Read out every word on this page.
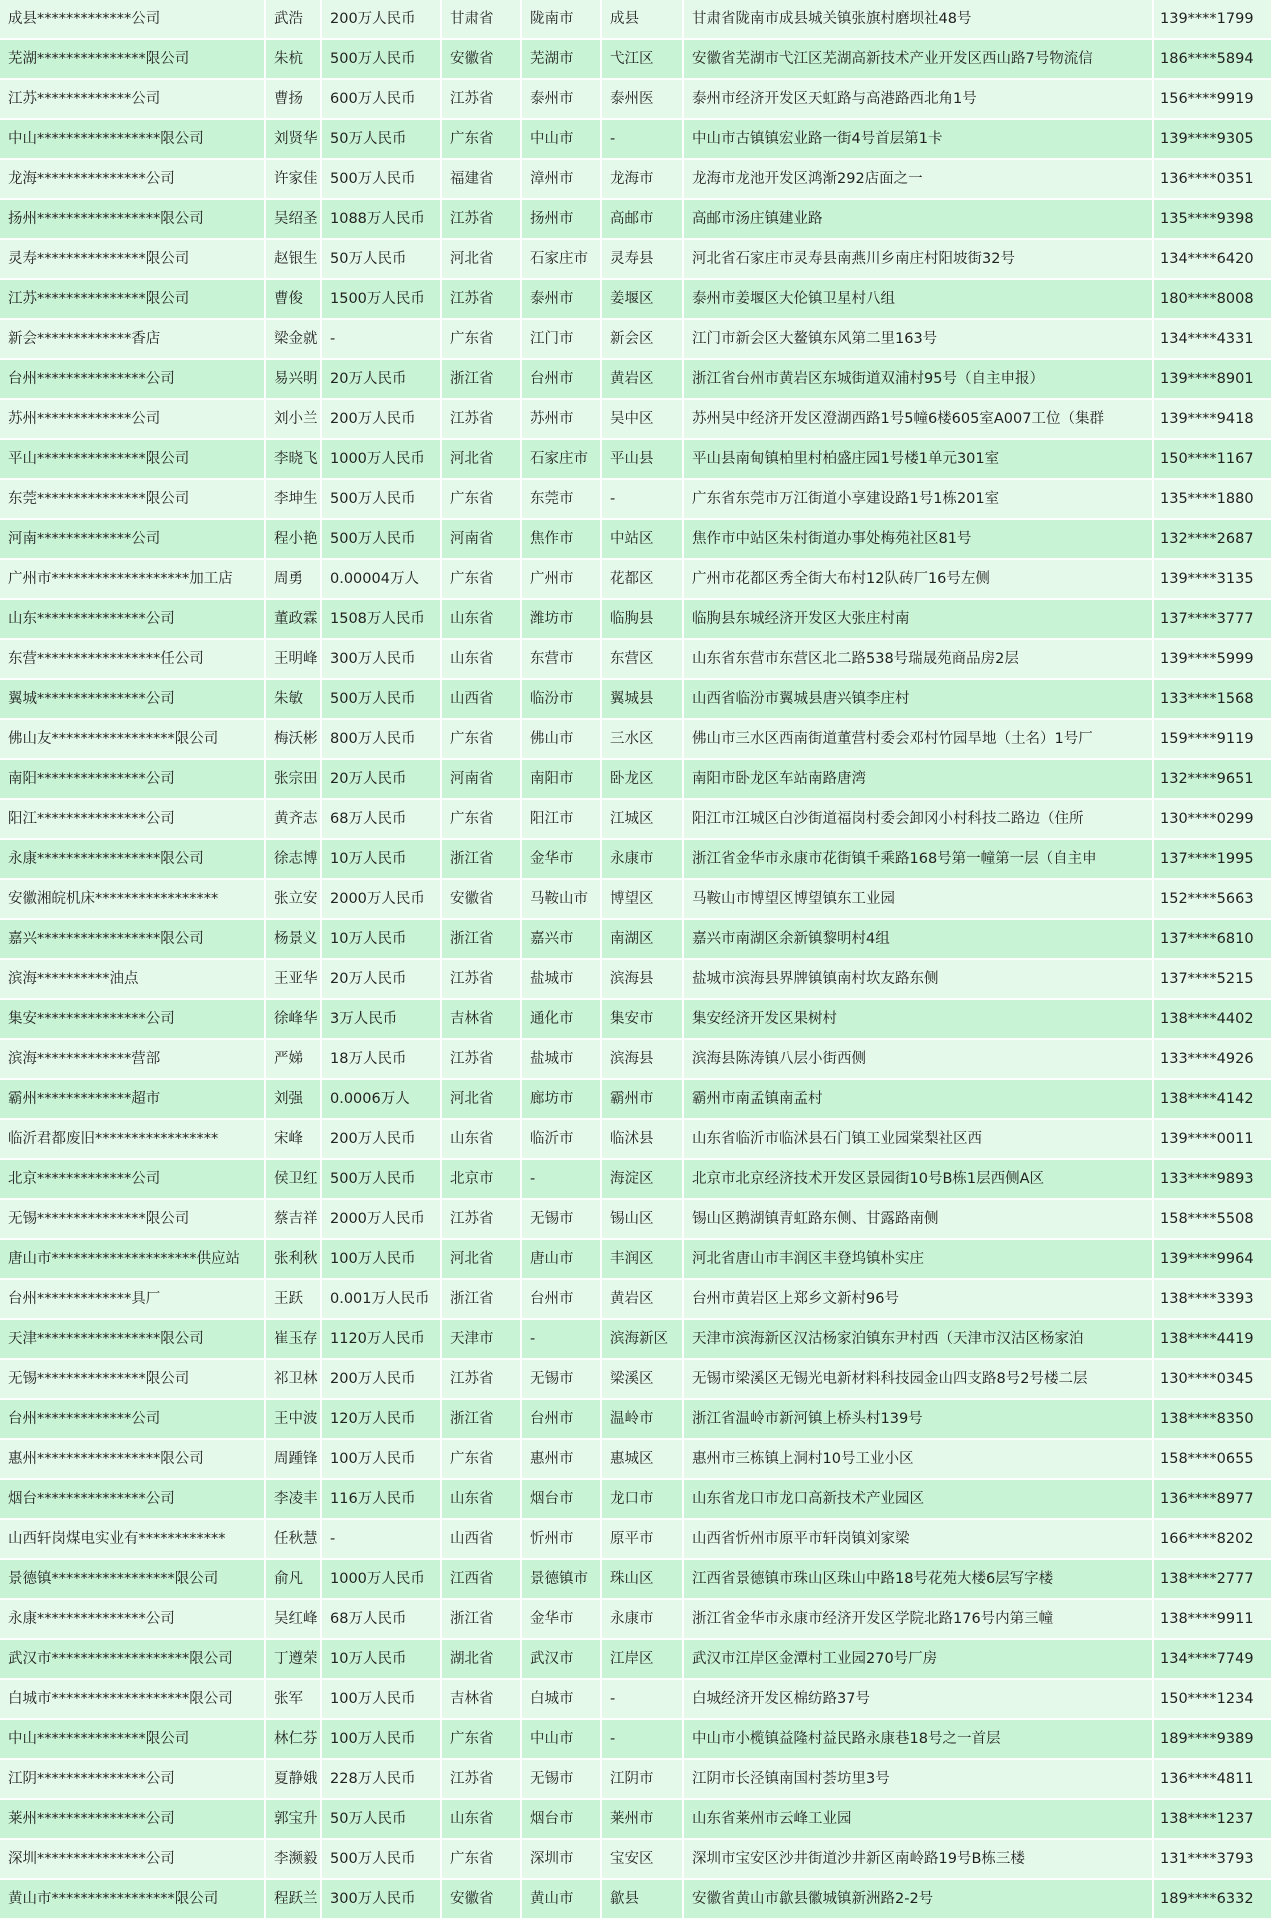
成县*************公司	武浩	200万人民币	甘肃省	陇南市	成县	甘肃省陇南市成县城关镇张旗村磨坝社48号	139****1799
芜湖***************限公司	朱杭	500万人民币	安徽省	芜湖市	弋江区	安徽省芜湖市弋江区芜湖高新技术产业开发区西山路7号物流信	186****5894
江苏*************公司	曹扬	600万人民币	江苏省	泰州市	泰州医	泰州市经济开发区天虹路与高港路西北角1号	156****9919
中山*****************限公司	刘贤华	50万人民币	广东省	中山市	-	中山市古镇镇宏业路一街4号首层第1卡	139****9305
龙海***************公司	许家佳	500万人民币	福建省	漳州市	龙海市	龙海市龙池开发区鸿渐292店面之一	136****0351
扬州*****************限公司	吴绍圣	1088万人民币	江苏省	扬州市	高邮市	高邮市汤庄镇建业路	135****9398
灵寿***************限公司	赵银生	50万人民币	河北省	石家庄市	灵寿县	河北省石家庄市灵寿县南燕川乡南庄村阳坡街32号	134****6420
江苏***************限公司	曹俊	1500万人民币	江苏省	泰州市	姜堰区	泰州市姜堰区大伦镇卫星村八组	180****8008
新会*************香店	梁金就	-	广东省	江门市	新会区	江门市新会区大鳌镇东风第二里163号	134****4331
台州***************公司	易兴明	20万人民币	浙江省	台州市	黄岩区	浙江省台州市黄岩区东城街道双浦村95号（自主申报）	139****8901
苏州*************公司	刘小兰	200万人民币	江苏省	苏州市	吴中区	苏州吴中经济开发区澄湖西路1号5幢6楼605室A007工位（集群	139****9418
平山***************限公司	李晓飞	1000万人民币	河北省	石家庄市	平山县	平山县南甸镇柏里村柏盛庄园1号楼1单元301室	150****1167
东莞***************限公司	李坤生	500万人民币	广东省	东莞市	-	广东省东莞市万江街道小享建设路1号1栋201室	135****1880
河南*************公司	程小艳	500万人民币	河南省	焦作市	中站区	焦作市中站区朱村街道办事处梅苑社区81号	132****2687
广州市*******************加工店	周勇	0.00004万人	广东省	广州市	花都区	广州市花都区秀全街大布村12队砖厂16号左侧	139****3135
山东***************公司	董政霖	1508万人民币	山东省	潍坊市	临朐县	临朐县东城经济开发区大张庄村南	137****3777
东营*****************任公司	王明峰	300万人民币	山东省	东营市	东营区	山东省东营市东营区北二路538号瑞晟苑商品房2层	139****5999
翼城***************公司	朱敏	500万人民币	山西省	临汾市	翼城县	山西省临汾市翼城县唐兴镇李庄村	133****1568
佛山友*****************限公司	梅沃彬	800万人民币	广东省	佛山市	三水区	佛山市三水区西南街道董营村委会邓村竹园旱地（土名）1号厂	159****9119
南阳***************公司	张宗田	20万人民币	河南省	南阳市	卧龙区	南阳市卧龙区车站南路唐湾	132****9651
阳江***************公司	黄齐志	68万人民币	广东省	阳江市	江城区	阳江市江城区白沙街道福岗村委会卸冈小村科技二路边（住所	130****0299
永康*****************限公司	徐志博	10万人民币	浙江省	金华市	永康市	浙江省金华市永康市花街镇千乘路168号第一幢第一层（自主申	137****1995
安徽湘皖机床*****************	张立安	2000万人民币	安徽省	马鞍山市	博望区	马鞍山市博望区博望镇东工业园	152****5663
嘉兴*****************限公司	杨景义	10万人民币	浙江省	嘉兴市	南湖区	嘉兴市南湖区余新镇黎明村4组	137****6810
滨海**********油点	王亚华	20万人民币	江苏省	盐城市	滨海县	盐城市滨海县界牌镇镇南村坎友路东侧	137****5215
集安***************公司	徐峰华	3万人民币	吉林省	通化市	集安市	集安经济开发区果树村	138****4402
滨海*************营部	严娣	18万人民币	江苏省	盐城市	滨海县	滨海县陈涛镇八层小街西侧	133****4926
霸州*************超市	刘强	0.0006万人	河北省	廊坊市	霸州市	霸州市南孟镇南孟村	138****4142
临沂君都废旧*****************	宋峰	200万人民币	山东省	临沂市	临沭县	山东省临沂市临沭县石门镇工业园棠梨社区西	139****0011
北京*************公司	侯卫红	500万人民币	北京市	-	海淀区	北京市北京经济技术开发区景园街10号B栋1层西侧A区	133****9893
无锡***************限公司	蔡吉祥	2000万人民币	江苏省	无锡市	锡山区	锡山区鹅湖镇青虹路东侧、甘露路南侧	158****5508
唐山市********************供应站	张利秋	100万人民币	河北省	唐山市	丰润区	河北省唐山市丰润区丰登坞镇朴实庄	139****9964
台州*************具厂	王跃	0.001万人民币	浙江省	台州市	黄岩区	台州市黄岩区上郑乡文新村96号	138****3393
天津*****************限公司	崔玉存	1120万人民币	天津市	-	滨海新区	天津市滨海新区汉沽杨家泊镇东尹村西（天津市汉沽区杨家泊	138****4419
无锡***************限公司	祁卫林	200万人民币	江苏省	无锡市	梁溪区	无锡市梁溪区无锡光电新材料科技园金山四支路8号2号楼二层	130****0345
台州*************公司	王中波	120万人民币	浙江省	台州市	温岭市	浙江省温岭市新河镇上桥头村139号	138****8350
惠州*****************限公司	周踵锋	100万人民币	广东省	惠州市	惠城区	惠州市三栋镇上洞村10号工业小区	158****0655
烟台***************公司	李凌丰	116万人民币	山东省	烟台市	龙口市	山东省龙口市龙口高新技术产业园区	136****8977
山西轩岗煤电实业有************	任秋慧	-	山西省	忻州市	原平市	山西省忻州市原平市轩岗镇刘家梁	166****8202
景德镇*****************限公司	俞凡	1000万人民币	江西省	景德镇市	珠山区	江西省景德镇市珠山区珠山中路18号花苑大楼6层写字楼	138****2777
永康***************公司	吴红峰	68万人民币	浙江省	金华市	永康市	浙江省金华市永康市经济开发区学院北路176号内第三幢	138****9911
武汉市*******************限公司	丁遵荣	10万人民币	湖北省	武汉市	江岸区	武汉市江岸区金潭村工业园270号厂房	134****7749
白城市*******************限公司	张军	100万人民币	吉林省	白城市	-	白城经济开发区棉纺路37号	150****1234
中山***************限公司	林仁芬	100万人民币	广东省	中山市	-	中山市小榄镇益隆村益民路永康巷18号之一首层	189****9389
江阴***************公司	夏静娥	228万人民币	江苏省	无锡市	江阴市	江阴市长泾镇南国村荟坊里3号	136****4811
莱州***************公司	郭宝升	50万人民币	山东省	烟台市	莱州市	山东省莱州市云峰工业园	138****1237
深圳***************公司	李濒毅	500万人民币	广东省	深圳市	宝安区	深圳市宝安区沙井街道沙井新区南岭路19号B栋三楼	131****3793
黄山市*****************限公司	程跃兰	300万人民币	安徽省	黄山市	歙县	安徽省黄山市歙县徽城镇新洲路2-2号	189****6332
